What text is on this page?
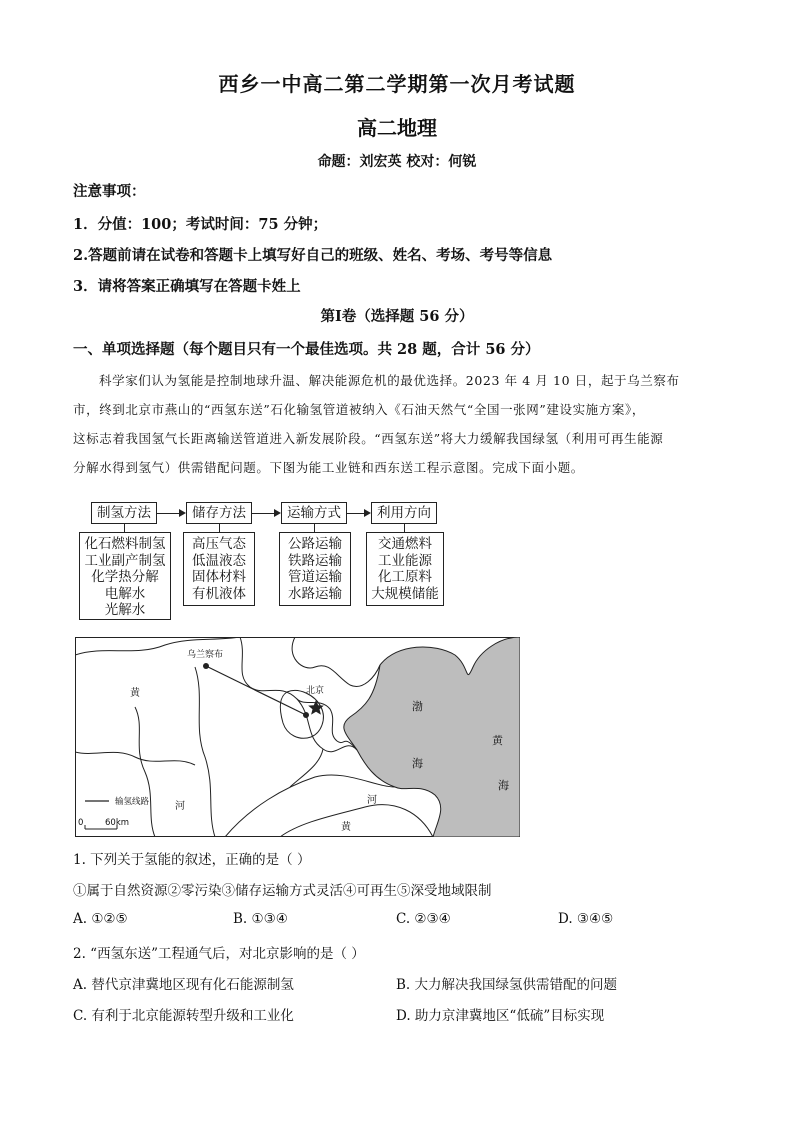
西乡一中高二第二学期第一次月考试题
高二地理
命题：刘宏英 校对：何锐
注意事项：
1．分值：100；考试时间：75 分钟；
2.答题前请在试卷和答题卡上填写好自己的班级、姓名、考场、考号等信息
3．请将答案正确填写在答题卡姓上
第Ⅰ卷（选择题 56 分）
一、单项选择题（每个题目只有一个最佳选项。共 28 题，合计 56 分）
科学家们认为氢能是控制地球升温、解决能源危机的最优选择。2023 年 4 月 10 日，起于乌兰察布
市，终到北京市燕山的“西氢东送”石化输氢管道被纳入《石油天然气“全国一张网”建设实施方案》，
这标志着我国氢气长距离输送管道进入新发展阶段。“西氢东送”将大力缓解我国绿氢（利用可再生能源
分解水得到氢气）供需错配问题。下图为能工业链和西东送工程示意图。完成下面小题。
制氢方法	储存方法	运输方式	利用方向
化石燃料制氢
工业副产制氢
化学热分解
电解水
光解水
高压气态
低温液态
固体材料
有机液体
公路运输
铁路运输
管道运输
水路运输
交通燃料
工业能源
化工原料
大规模储能
乌兰察布
北京
黄
河
河
黄
渤
海
黄
海
输氢线路
0	60km
1. 下列关于氢能的叙述，正确的是（ ）
①属于自然资源②零污染③储存运输方式灵活④可再生⑤深受地域限制
A. ①②⑤	B. ①③④	C. ②③④	D. ③④⑤
2. “西氢东送”工程通气后，对北京影响的是（ ）
A. 替代京津冀地区现有化石能源制氢	B. 大力解决我国绿氢供需错配的问题
C. 有利于北京能源转型升级和工业化	D. 助力京津冀地区“低硫”目标实现
